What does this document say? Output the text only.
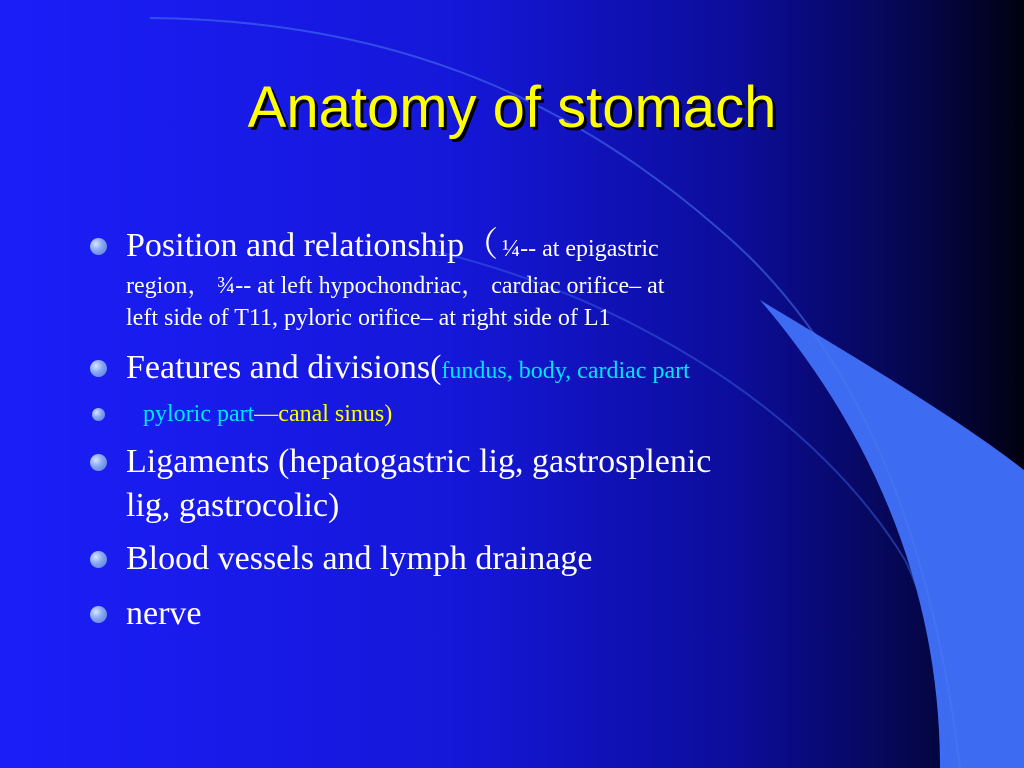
Anatomy of stomach
Position and relationship（ ¼-- at epigastric
region， ¾-- at left hypochondriac， cardiac orifice– at
left side of T11, pyloric orifice– at right side of L1
Features and divisions(fundus, body, cardiac part
pyloric part—canal sinus)
Ligaments (hepatogastric lig, gastrosplenic
lig, gastrocolic)
Blood vessels and lymph drainage
nerve
